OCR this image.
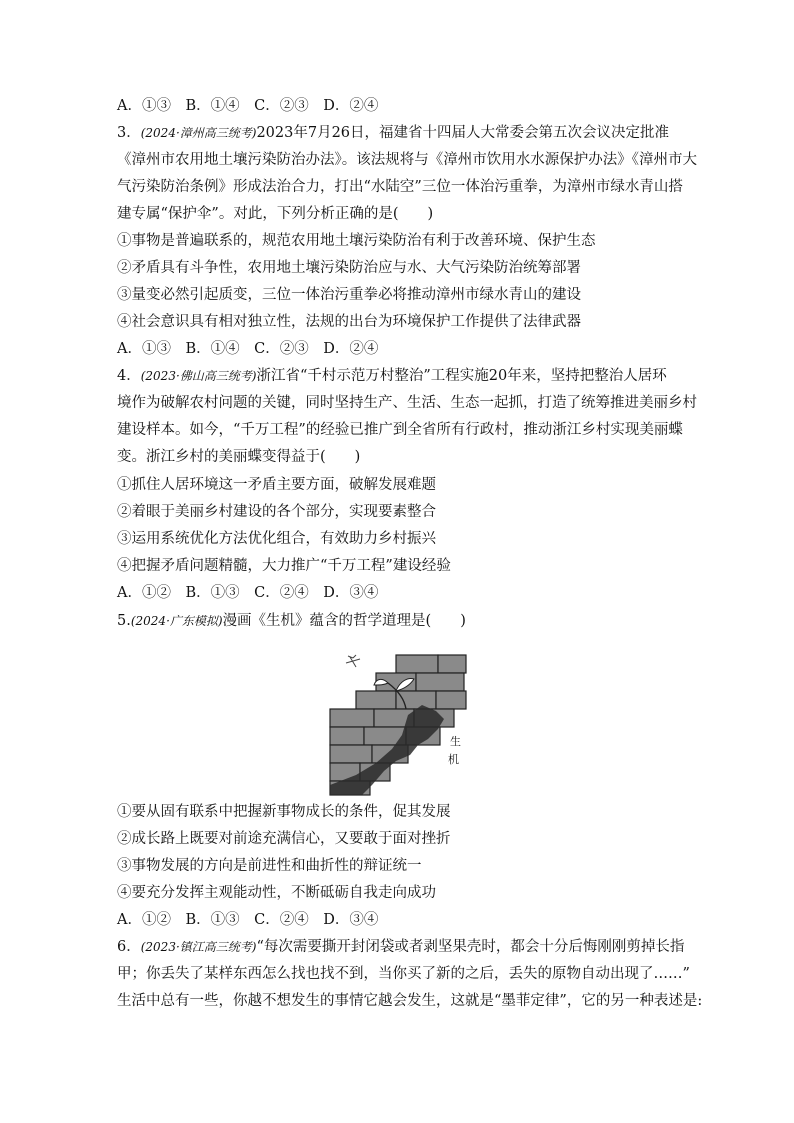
A．①③　B．①④　C．②③　D．②④
3．(2024·漳州高三统考)2023年7月26日，福建省十四届人大常委会第五次会议决定批准
《漳州市农用地土壤污染防治办法》。该法规将与《漳州市饮用水水源保护办法》《漳州市大
气污染防治条例》形成法治合力，打出“水陆空”三位一体治污重拳，为漳州市绿水青山搭
建专属“保护伞”。对此，下列分析正确的是(　　)
①事物是普遍联系的，规范农用地土壤污染防治有利于改善环境、保护生态
②矛盾具有斗争性，农用地土壤污染防治应与水、大气污染防治统筹部署
③量变必然引起质变，三位一体治污重拳必将推动漳州市绿水青山的建设
④社会意识具有相对独立性，法规的出台为环境保护工作提供了法律武器
A．①③　B．①④　C．②③　D．②④
4．(2023·佛山高三统考)浙江省“千村示范万村整治”工程实施20年来，坚持把整治人居环
境作为破解农村问题的关键，同时坚持生产、生活、生态一起抓，打造了统筹推进美丽乡村
建设样本。如今，“千万工程”的经验已推广到全省所有行政村，推动浙江乡村实现美丽蝶
变。浙江乡村的美丽蝶变得益于(　　)
①抓住人居环境这一矛盾主要方面，破解发展难题
②着眼于美丽乡村建设的各个部分，实现要素整合
③运用系统优化方法优化组合，有效助力乡村振兴
④把握矛盾问题精髓，大力推广“千万工程”建设经验
A．①②　B．①③　C．②④　D．③④
5.(2024·广东模拟)漫画《生机》蕴含的哲学道理是(　　)
生
机
①要从固有联系中把握新事物成长的条件，促其发展
②成长路上既要对前途充满信心，又要敢于面对挫折
③事物发展的方向是前进性和曲折性的辩证统一
④要充分发挥主观能动性，不断砥砺自我走向成功
A．①②　B．①③　C．②④　D．③④
6．(2023·镇江高三统考)“每次需要撕开封闭袋或者剥坚果壳时，都会十分后悔刚刚剪掉长指
甲；你丢失了某样东西怎么找也找不到，当你买了新的之后，丢失的原物自动出现了……”
生活中总有一些，你越不想发生的事情它越会发生，这就是“墨菲定律”，它的另一种表述是:
